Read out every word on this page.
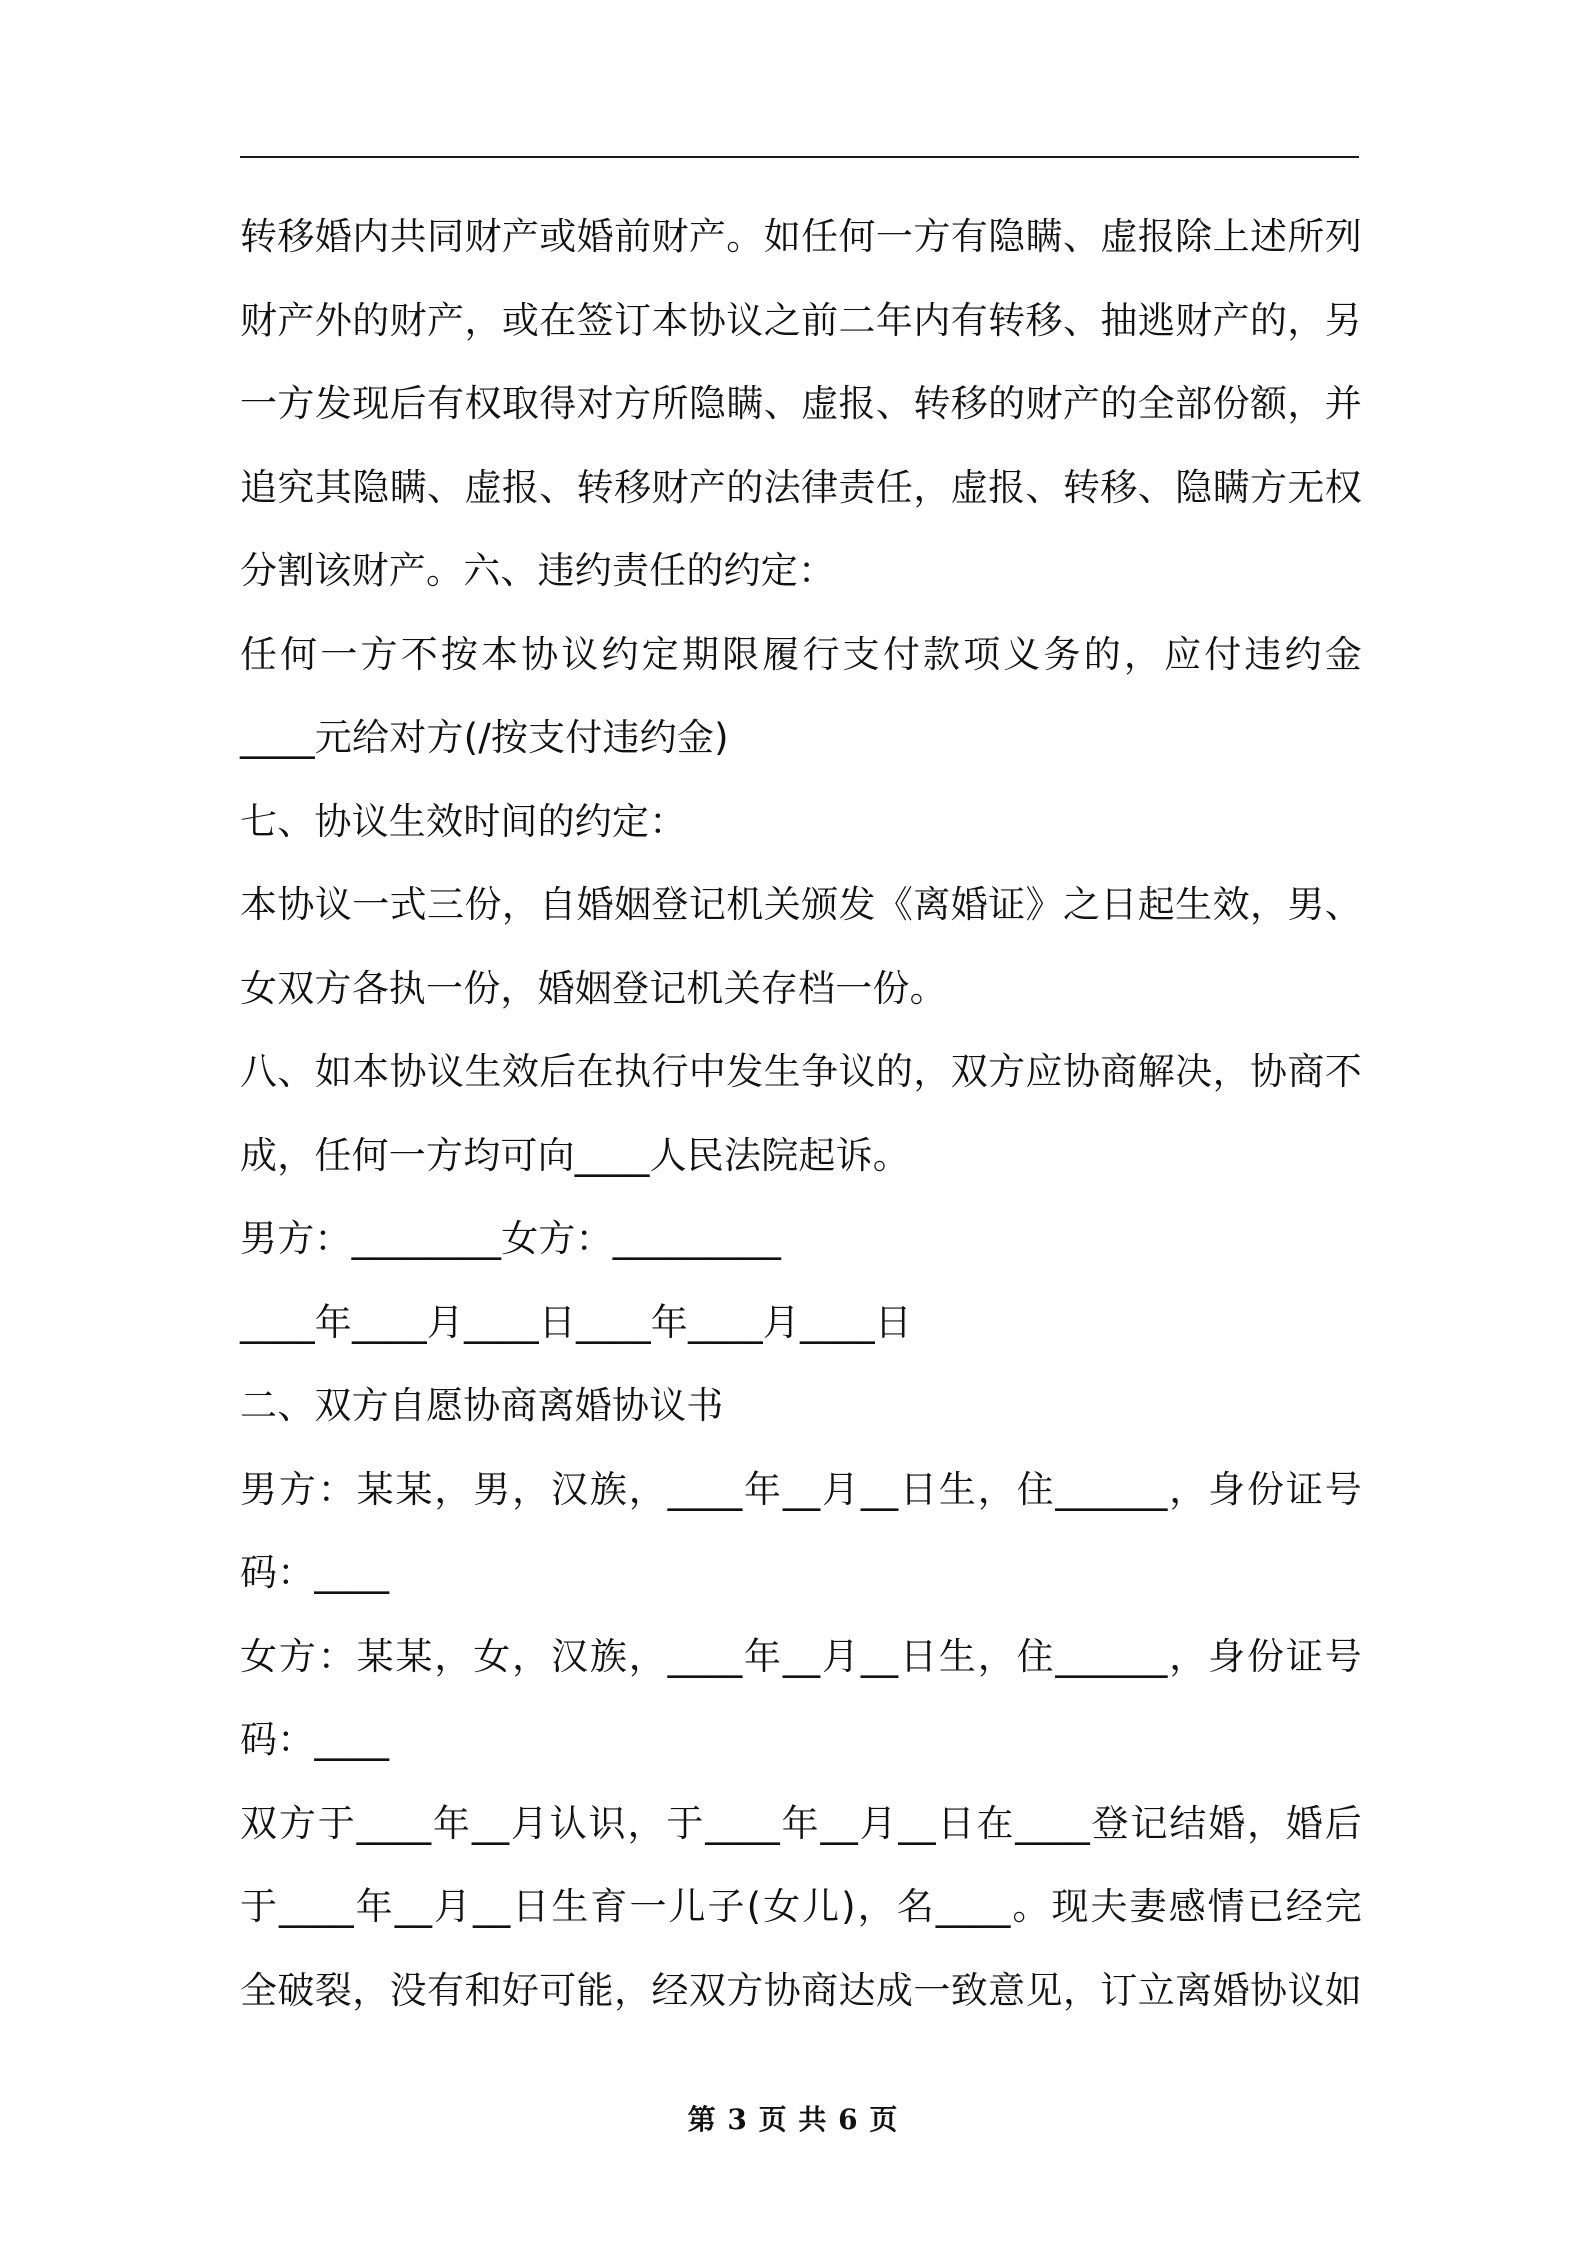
转移婚内共同财产或婚前财产。如任何一方有隐瞒、虚报除上述所列
财产外的财产，或在签订本协议之前二年内有转移、抽逃财产的，另
一方发现后有权取得对方所隐瞒、虚报、转移的财产的全部份额，并
追究其隐瞒、虚报、转移财产的法律责任，虚报、转移、隐瞒方无权
分割该财产。六、违约责任的约定：
任何一方不按本协议约定期限履行支付款项义务的，应付违约金
____元给对方(/按支付违约金)
七、协议生效时间的约定：
本协议一式三份，自婚姻登记机关颁发《离婚证》之日起生效，男、
女双方各执一份，婚姻登记机关存档一份。
八、如本协议生效后在执行中发生争议的，双方应协商解决，协商不
成，任何一方均可向____人民法院起诉。
男方：________女方：_________
____年____月____日____年____月____日
二、双方自愿协商离婚协议书
男方：某某，男，汉族，____年__月__日生，住______，身份证号
码：____
女方：某某，女，汉族，____年__月__日生，住______，身份证号
码：____
双方于____年__月认识，于____年__月__日在____登记结婚，婚后
于____年__月__日生育一儿子(女儿)，名____。现夫妻感情已经完
全破裂，没有和好可能，经双方协商达成一致意见，订立离婚协议如
第 3 页 共 6 页
